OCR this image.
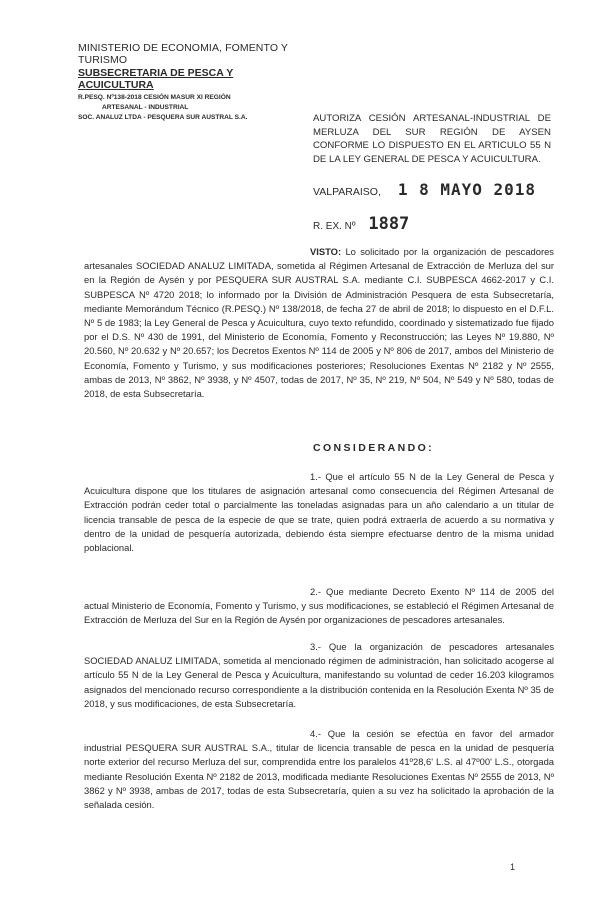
MINISTERIO DE ECONOMIA, FOMENTO Y TURISMO
SUBSECRETARIA DE PESCA Y ACUICULTURA
R.PESQ. Nº138-2018 CESIÓN MASUR XI REGIÓN
ARTESANAL - INDUSTRIAL
SOC. ANALUZ LTDA - PESQUERA SUR AUSTRAL S.A.	AUTORIZA CESIÓN ARTESANAL-INDUSTRIAL DE MERLUZA DEL SUR REGIÓN DE AYSEN CONFORME LO DISPUESTO EN EL ARTICULO 55 N DE LA LEY GENERAL DE PESCA Y ACUICULTURA.
VALPARAISO, 1 8 MAYO 2018
R. EX. Nº 1887
VISTO: Lo solicitado por la organización de pescadores artesanales SOCIEDAD ANALUZ LIMITADA, sometida al Régimen Artesanal de Extracción de Merluza del sur en la Región de Aysén y por PESQUERA SUR AUSTRAL S.A. mediante C.I. SUBPESCA 4662-2017 y C.I. SUBPESCA Nº 4720 2018; lo informado por la División de Administración Pesquera de esta Subsecretaría, mediante Memorándum Técnico (R.PESQ.) Nº 138/2018, de fecha 27 de abril de 2018; lo dispuesto en el D.F.L. Nº 5 de 1983; la Ley General de Pesca y Acuicultura, cuyo texto refundido, coordinado y sistematizado fue fijado por el D.S. Nº 430 de 1991, del Ministerio de Economía, Fomento y Reconstrucción; las Leyes Nº 19.880, Nº 20.560, Nº 20.632 y Nº 20.657; los Decretos Exentos Nº 114 de 2005 y Nº 806 de 2017, ambos del Ministerio de Economía, Fomento y Turismo, y sus modificaciones posteriores; Resoluciones Exentas Nº 2182 y Nº 2555, ambas de 2013, Nº 3862, Nº 3938, y Nº 4507, todas de 2017, Nº 35, Nº 219, Nº 504, Nº 549 y Nº 580, todas de 2018, de esta Subsecretaría.
CONSIDERANDO:
1.- Que el artículo 55 N de la Ley General de Pesca y Acuicultura dispone que los titulares de asignación artesanal como consecuencia del Régimen Artesanal de Extracción podrán ceder total o parcialmente las toneladas asignadas para un año calendario a un titular de licencia transable de pesca de la especie de que se trate, quien podrá extraerla de acuerdo a su normativa y dentro de la unidad de pesquería autorizada, debiendo ésta siempre efectuarse dentro de la misma unidad poblacional.
2.- Que mediante Decreto Exento Nº 114 de 2005 del actual Ministerio de Economía, Fomento y Turismo, y sus modificaciones, se estableció el Régimen Artesanal de Extracción de Merluza del Sur en la Región de Aysén por organizaciones de pescadores artesanales.
3.- Que la organización de pescadores artesanales SOCIEDAD ANALUZ LIMITADA, sometida al mencionado régimen de administración, han solicitado acogerse al artículo 55 N de la Ley General de Pesca y Acuicultura, manifestando su voluntad de ceder 16.203 kilogramos asignados del mencionado recurso correspondiente a la distribución contenida en la Resolución Exenta Nº 35 de 2018, y sus modificaciones, de esta Subsecretaría.
4.- Que la cesión se efectúa en favor del armador industrial PESQUERA SUR AUSTRAL S.A., titular de licencia transable de pesca en la unidad de pesquería norte exterior del recurso Merluza del sur, comprendida entre los paralelos 41º28,6' L.S. al 47º00' L.S., otorgada mediante Resolución Exenta Nº 2182 de 2013, modificada mediante Resoluciones Exentas Nº 2555 de 2013, Nº 3862 y Nº 3938, ambas de 2017, todas de esta Subsecretaría, quien a su vez ha solicitado la aprobación de la señalada cesión.
1
